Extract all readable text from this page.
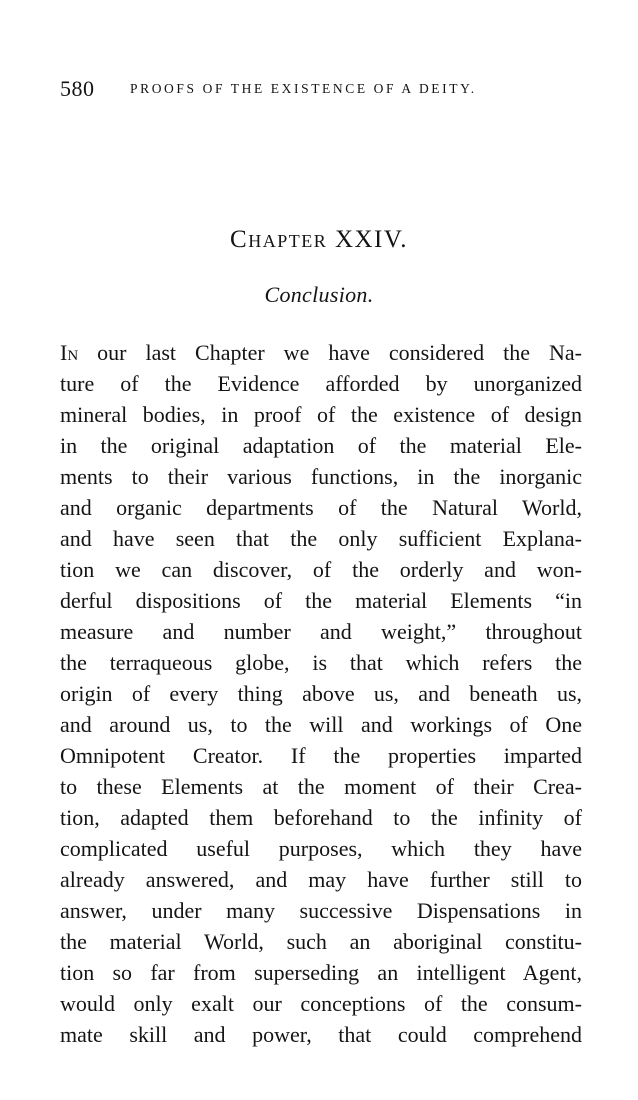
580	PROOFS OF THE EXISTENCE OF A DEITY.
Chapter XXIV.
Conclusion.
In our last Chapter we have considered the Na-
ture of the Evidence afforded by unorganized
mineral bodies, in proof of the existence of design
in the original adaptation of the material Ele-
ments to their various functions, in the inorganic
and organic departments of the Natural World,
and have seen that the only sufficient Explana-
tion we can discover, of the orderly and won-
derful dispositions of the material Elements “in
measure and number and weight,” throughout
the terraqueous globe, is that which refers the
origin of every thing above us, and beneath us,
and around us, to the will and workings of One
Omnipotent Creator. If the properties imparted
to these Elements at the moment of their Crea-
tion, adapted them beforehand to the infinity of
complicated useful purposes, which they have
already answered, and may have further still to
answer, under many successive Dispensations in
the material World, such an aboriginal constitu-
tion so far from superseding an intelligent Agent,
would only exalt our conceptions of the consum-
mate skill and power, that could comprehend
